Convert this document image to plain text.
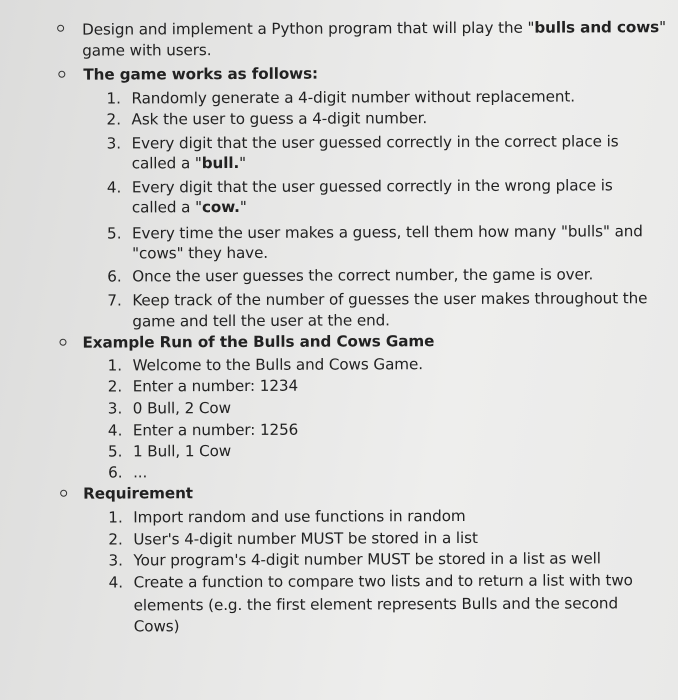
Design and implement a Python program that will play the "bulls and cows"
game with users.
The game works as follows:
1. Randomly generate a 4-digit number without replacement.
2. Ask the user to guess a 4-digit number.
3. Every digit that the user guessed correctly in the correct place is
called a "bull."
4. Every digit that the user guessed correctly in the wrong place is
called a "cow."
5. Every time the user makes a guess, tell them how many "bulls" and
"cows" they have.
6. Once the user guesses the correct number, the game is over.
7. Keep track of the number of guesses the user makes throughout the
game and tell the user at the end.
Example Run of the Bulls and Cows Game
1. Welcome to the Bulls and Cows Game.
2. Enter a number: 1234
3. 0 Bull, 2 Cow
4. Enter a number: 1256
5. 1 Bull, 1 Cow
6. ...
Requirement
1. Import random and use functions in random
2. User's 4-digit number MUST be stored in a list
3. Your program's 4-digit number MUST be stored in a list as well
4. Create a function to compare two lists and to return a list with two
elements (e.g. the first element represents Bulls and the second
Cows)
